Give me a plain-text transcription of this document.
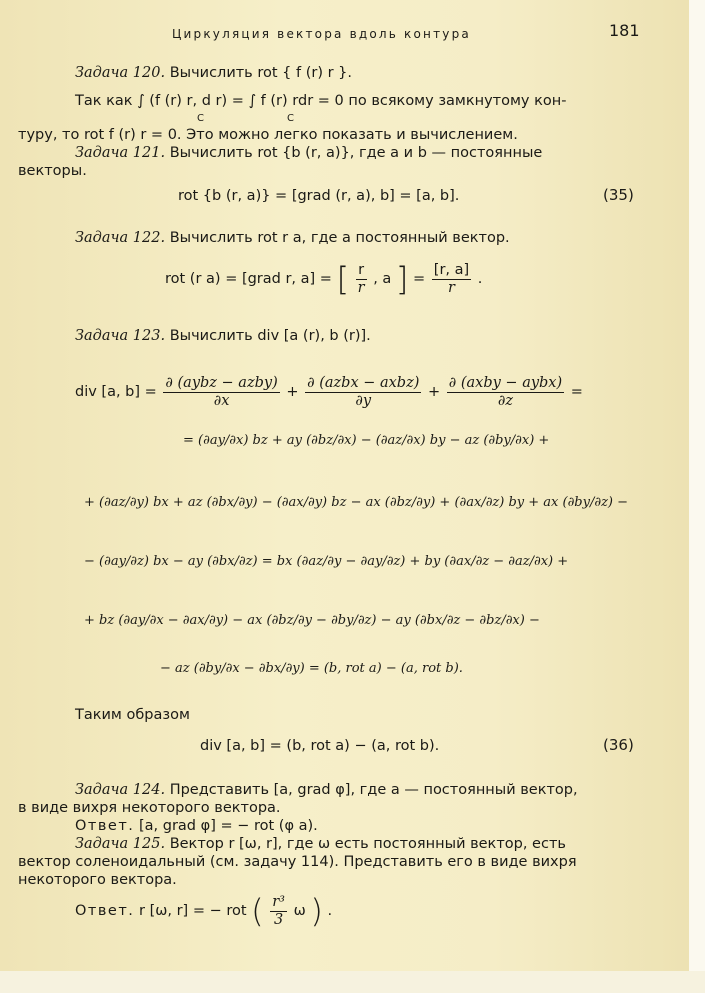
Циркуляция вектора вдоль контура	181
Задача 120. Вычислить rot { f (r) r }.
Так как ∫ (f (r) r, d r) = ∫ f (r) rdr = 0 по всякому замкнутому кон-
C	C
туру, то rot f (r) r = 0. Это можно легко показать и вычислением.
Задача 121. Вычислить rot {b (r, a)}, где a и b — постоянные
векторы.
rot {b (r, a)} = [grad (r, a), b] = [a, b].	(35)
Задача 122. Вычислить rot r a, где a постоянный вектор.
rot (r a) = [grad r, a] = [ $\frac{r}{r}$ , a ] = $\frac{[r, a]}{r}$ .
Задача 123. Вычислить div [a (r), b (r)].
div [a, $b] = \frac{\text{∂ (aybz − azby)}}{\partial x} + \frac{\text{∂ (azbx − axbz)}}{\partial y} + \frac{\text{∂ (axby − aybx)}}{\partial z}$ =
= (∂ay/∂x) bz + ay (∂bz/∂x) − (∂az/∂x) by − az (∂by/∂x) +
+ (∂az/∂y) bx + az (∂bx/∂y) − (∂ax/∂y) bz − ax (∂bz/∂y) + (∂ax/∂z) by + ax (∂by/∂z) −
− (∂ay/∂z) bx − ay (∂bx/∂z) = bx (∂az/∂y − ∂ay/∂z) + by (∂ax/∂z − ∂az/∂x) +
+ bz (∂ay/∂x − ∂ax/∂y) − ax (∂bz/∂y − ∂by/∂z) − ay (∂bx/∂z − ∂bz/∂x) −
− az (∂by/∂x − ∂bx/∂y) = (b, rot a) − (a, rot b).
Таким образом
div [a, b] = (b, rot a) − (a, rot b).	(36)
Задача 124. Представить [a, grad φ], где a — постоянный вектор,
в виде вихря некоторого вектора.
Ответ. [a, grad φ] = − rot (φ a).
Задача 125. Вектор r [ω, r], где ω есть постоянный вектор, есть
вектор соленоидальный (см. задачу 114). Представить его в виде вихря
некоторого вектора.
Ответ. r [ω, r] = − rot ( $\frac{\text{r³}}{3}$ ω ) .
